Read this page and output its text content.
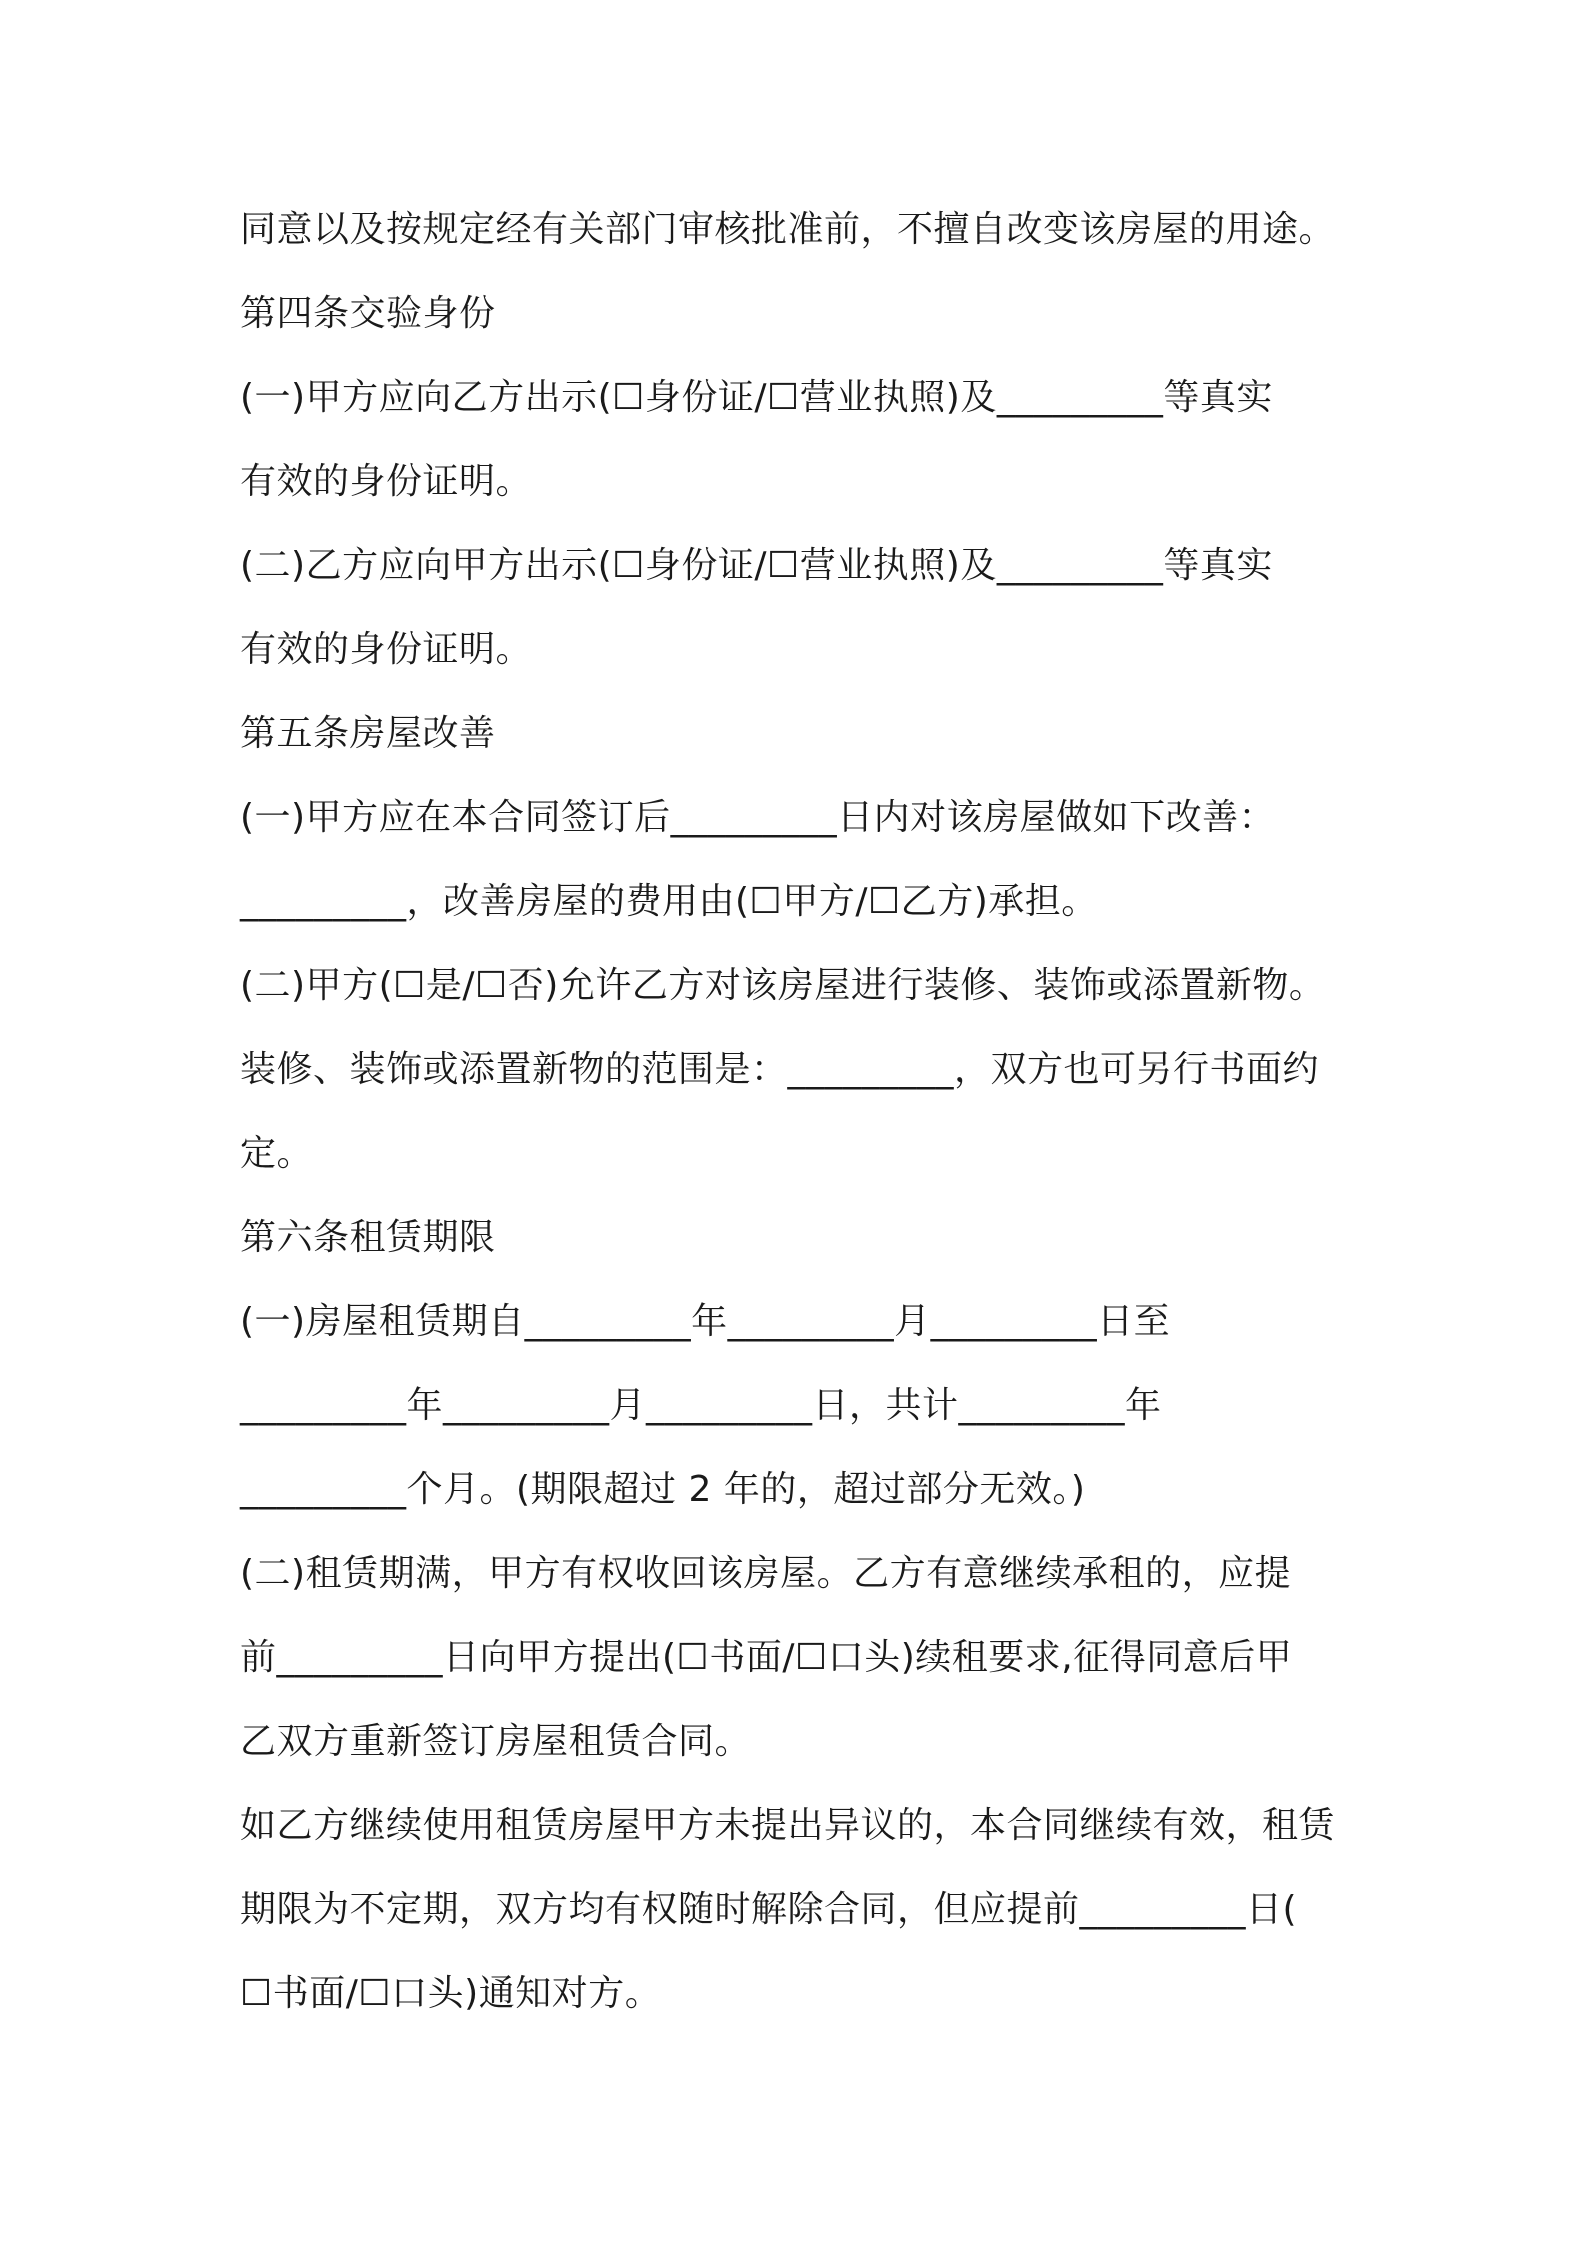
同意以及按规定经有关部门审核批准前，不擅自改变该房屋的用途。
第四条交验身份
(一)甲方应向乙方出示(☐身份证/☐营业执照)及_________等真实
有效的身份证明。
(二)乙方应向甲方出示(☐身份证/☐营业执照)及_________等真实
有效的身份证明。
第五条房屋改善
(一)甲方应在本合同签订后_________日内对该房屋做如下改善：
_________，改善房屋的费用由(☐甲方/☐乙方)承担。
(二)甲方(☐是/☐否)允许乙方对该房屋进行装修、装饰或添置新物。
装修、装饰或添置新物的范围是：_________，双方也可另行书面约
定。
第六条租赁期限
(一)房屋租赁期自_________年_________月_________日至
_________年_________月_________日，共计_________年
_________个月。(期限超过 2 年的，超过部分无效。)
(二)租赁期满，甲方有权收回该房屋。乙方有意继续承租的，应提
前_________日向甲方提出(☐书面/☐口头)续租要求,征得同意后甲
乙双方重新签订房屋租赁合同。
如乙方继续使用租赁房屋甲方未提出异议的，本合同继续有效，租赁
期限为不定期，双方均有权随时解除合同，但应提前_________日(
☐书面/☐口头)通知对方。
